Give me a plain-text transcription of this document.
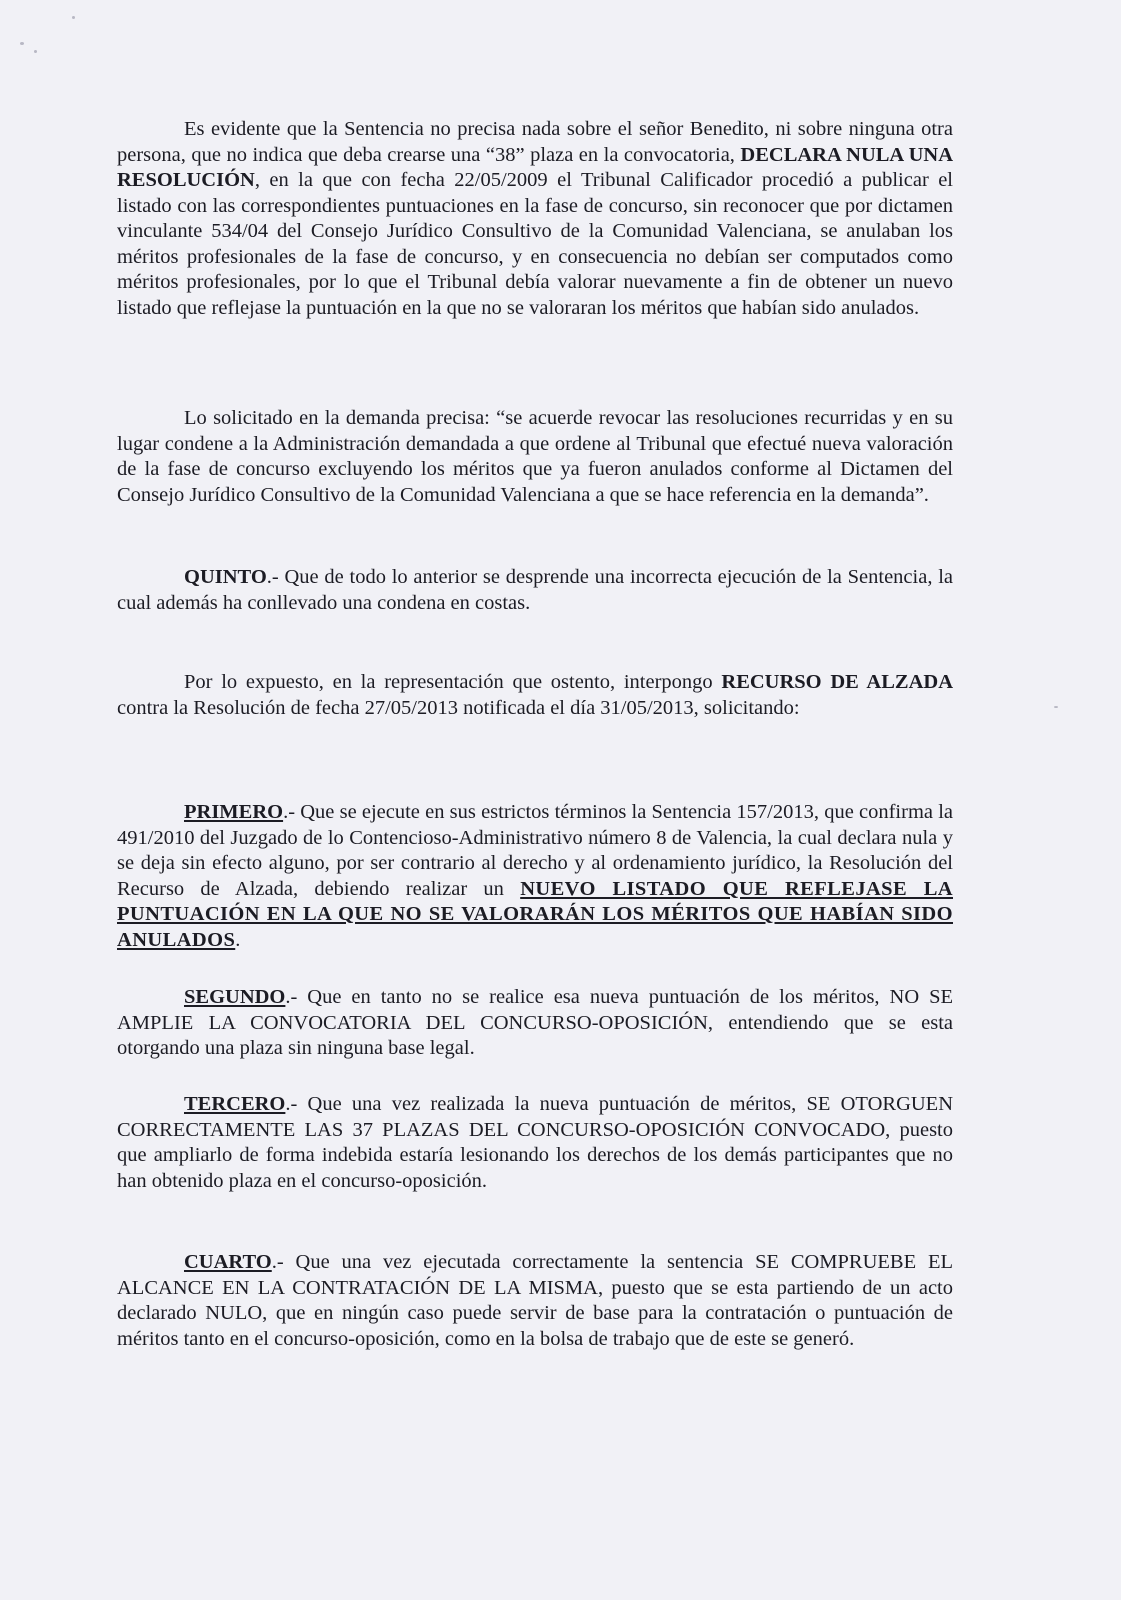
Es evidente que la Sentencia no precisa nada sobre el señor Benedito, ni sobre ninguna otra persona, que no indica que deba crearse una “38” plaza en la convocatoria, DECLARA NULA UNA RESOLUCIÓN, en la que con fecha 22/05/2009 el Tribunal Calificador procedió a publicar el listado con las correspondientes puntuaciones en la fase de concurso, sin reconocer que por dictamen vinculante 534/04 del Consejo Jurídico Consultivo de la Comunidad Valenciana, se anulaban los méritos profesionales de la fase de concurso, y en consecuencia no debían ser computados como méritos profesionales, por lo que el Tribunal debía valorar nuevamente a fin de obtener un nuevo listado que reflejase la puntuación en la que no se valoraran los méritos que habían sido anulados.

Lo solicitado en la demanda precisa: “se acuerde revocar las resoluciones recurridas y en su lugar condene a la Administración demandada a que ordene al Tribunal que efectué nueva valoración de la fase de concurso excluyendo los méritos que ya fueron anulados conforme al Dictamen del Consejo Jurídico Consultivo de la Comunidad Valenciana a que se hace referencia en la demanda”.

QUINTO.- Que de todo lo anterior se desprende una incorrecta ejecución de la Sentencia, la cual además ha conllevado una condena en costas.

Por lo expuesto, en la representación que ostento, interpongo RECURSO DE ALZADA contra la Resolución de fecha 27/05/2013 notificada el día 31/05/2013, solicitando:

PRIMERO.- Que se ejecute en sus estrictos términos la Sentencia 157/2013, que confirma la 491/2010 del Juzgado de lo Contencioso-Administrativo número 8 de Valencia, la cual declara nula y se deja sin efecto alguno, por ser contrario al derecho y al ordenamiento jurídico, la Resolución del Recurso de Alzada, debiendo realizar un NUEVO LISTADO QUE REFLEJASE LA PUNTUACIÓN EN LA QUE NO SE VALORARÁN LOS MÉRITOS QUE HABÍAN SIDO ANULADOS.

SEGUNDO.- Que en tanto no se realice esa nueva puntuación de los méritos, NO SE AMPLIE LA CONVOCATORIA DEL CONCURSO-OPOSICIÓN, entendiendo que se esta otorgando una plaza sin ninguna base legal.

TERCERO.- Que una vez realizada la nueva puntuación de méritos, SE OTORGUEN CORRECTAMENTE LAS 37 PLAZAS DEL CONCURSO-OPOSICIÓN CONVOCADO, puesto que ampliarlo de forma indebida estaría lesionando los derechos de los demás participantes que no han obtenido plaza en el concurso-oposición.

CUARTO.- Que una vez ejecutada correctamente la sentencia SE COMPRUEBE EL ALCANCE EN LA CONTRATACIÓN DE LA MISMA, puesto que se esta partiendo de un acto declarado NULO, que en ningún caso puede servir de base para la contratación o puntuación de méritos tanto en el concurso-oposición, como en la bolsa de trabajo que de este se generó.
